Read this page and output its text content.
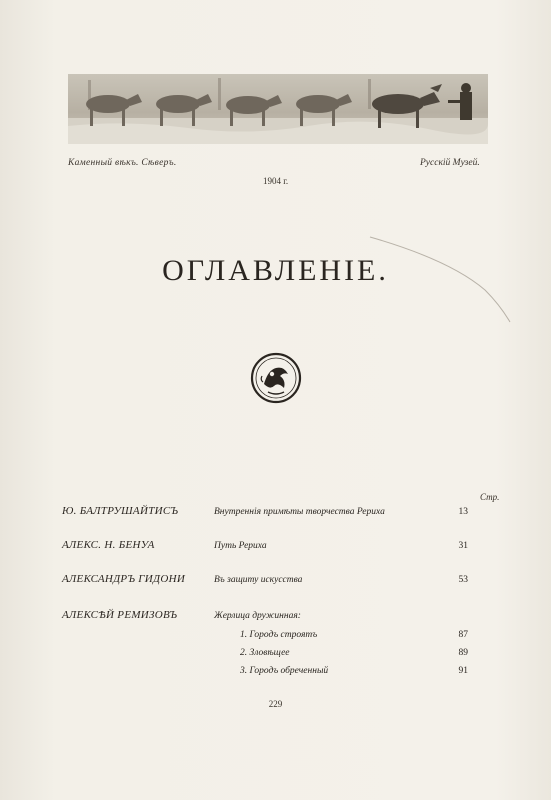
Каменный вѣкъ. Сѣверъ.	Русскій Музей.
1904 г.
ОГЛАВЛЕНІЕ.
Стр.
Ю. БАЛТРУШАЙТИСЪ	Внутреннія примѣты творчества Рериха	13
АЛЕКС. Н. БЕНУА	Путь Рериха	31
АЛЕКСАНДРЪ ГИДОНИ	Въ защиту искусства	53
АЛЕКСѢЙ РЕМИЗОВЪ	Жерлица дружинная:
1. Городъ строятъ	87
2. Зловѣщее	89
3. Городъ обреченный	91
229
